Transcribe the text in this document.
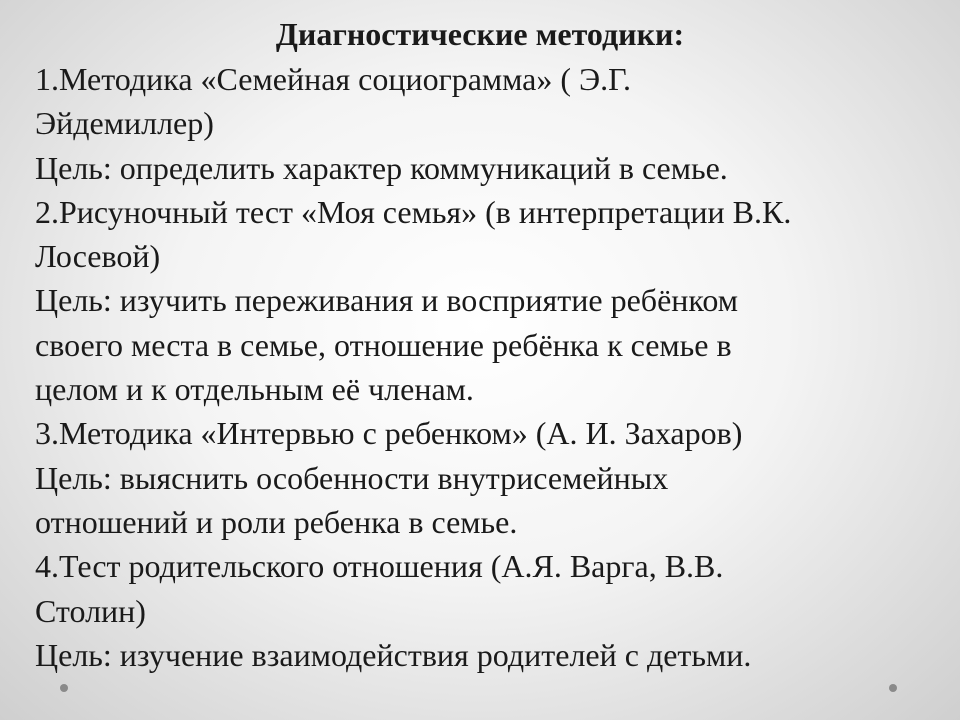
Диагностические методики:
1.Методика «Семейная социограмма» ( Э.Г.
Эйдемиллер)
Цель: определить характер коммуникаций в семье.
2.Рисуночный тест «Моя семья» (в интерпретации В.К.
Лосевой)
Цель: изучить переживания и восприятие ребёнком
своего места в семье, отношение ребёнка к семье в
целом и к отдельным её членам.
3.Методика «Интервью с ребенком» (А. И. Захаров)
Цель: выяснить особенности внутрисемейных
отношений и роли ребенка в семье.
4.Тест родительского отношения (А.Я. Варга, В.В.
Столин)
Цель: изучение взаимодействия родителей с детьми.
